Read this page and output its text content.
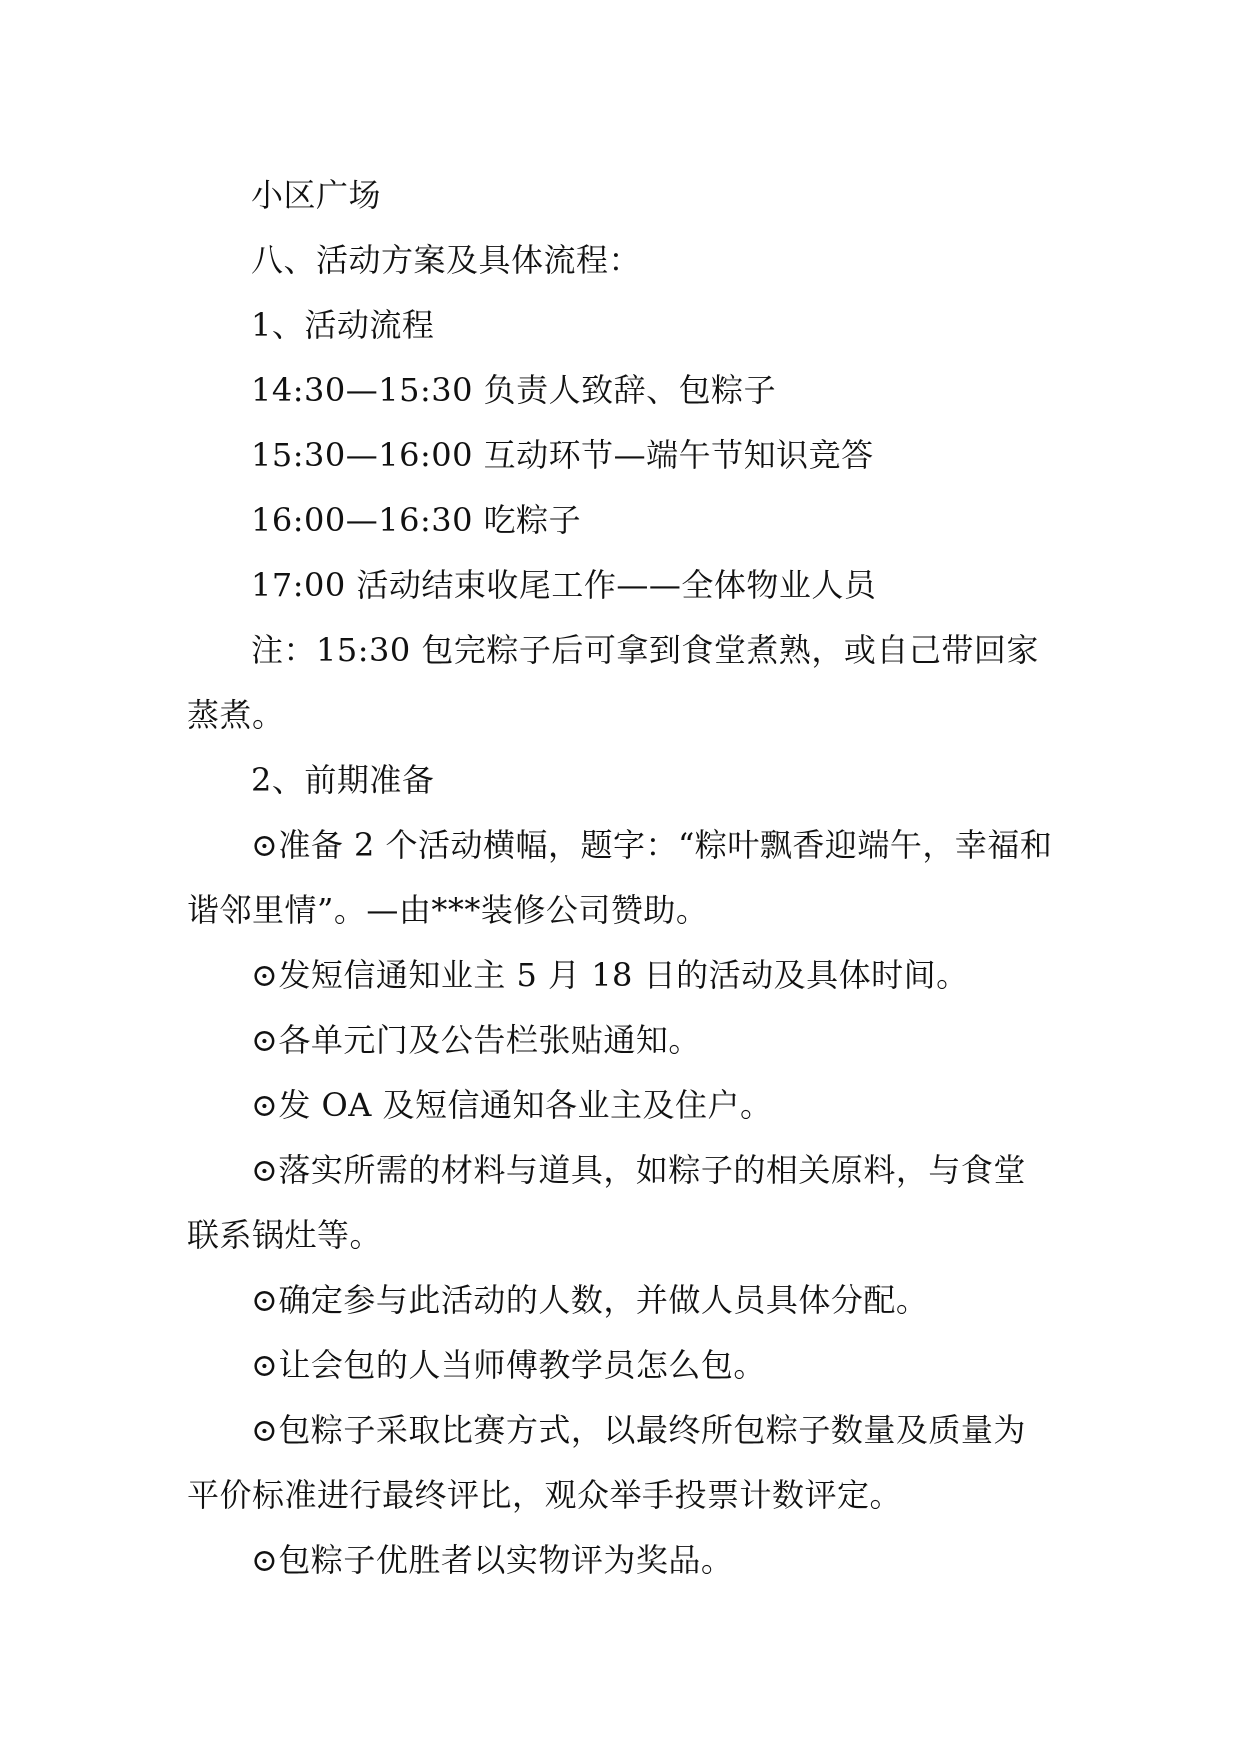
小区广场

八、活动方案及具体流程：

1、活动流程

14:30—15:30 负责人致辞、包粽子

15:30—16:00 互动环节—端午节知识竞答

16:00—16:30 吃粽子

17:00 活动结束收尾工作——全体物业人员

注：15:30 包完粽子后可拿到食堂煮熟，或自己带回家蒸煮。

2、前期准备

⊙准备 2 个活动横幅，题字：“粽叶飘香迎端午，幸福和谐邻里情”。—由***装修公司赞助。

⊙发短信通知业主 5 月 18 日的活动及具体时间。

⊙各单元门及公告栏张贴通知。

⊙发 OA 及短信通知各业主及住户。

⊙落实所需的材料与道具，如粽子的相关原料，与食堂联系锅灶等。

⊙确定参与此活动的人数，并做人员具体分配。

⊙让会包的人当师傅教学员怎么包。

⊙包粽子采取比赛方式，以最终所包粽子数量及质量为平价标准进行最终评比，观众举手投票计数评定。

⊙包粽子优胜者以实物评为奖品。
